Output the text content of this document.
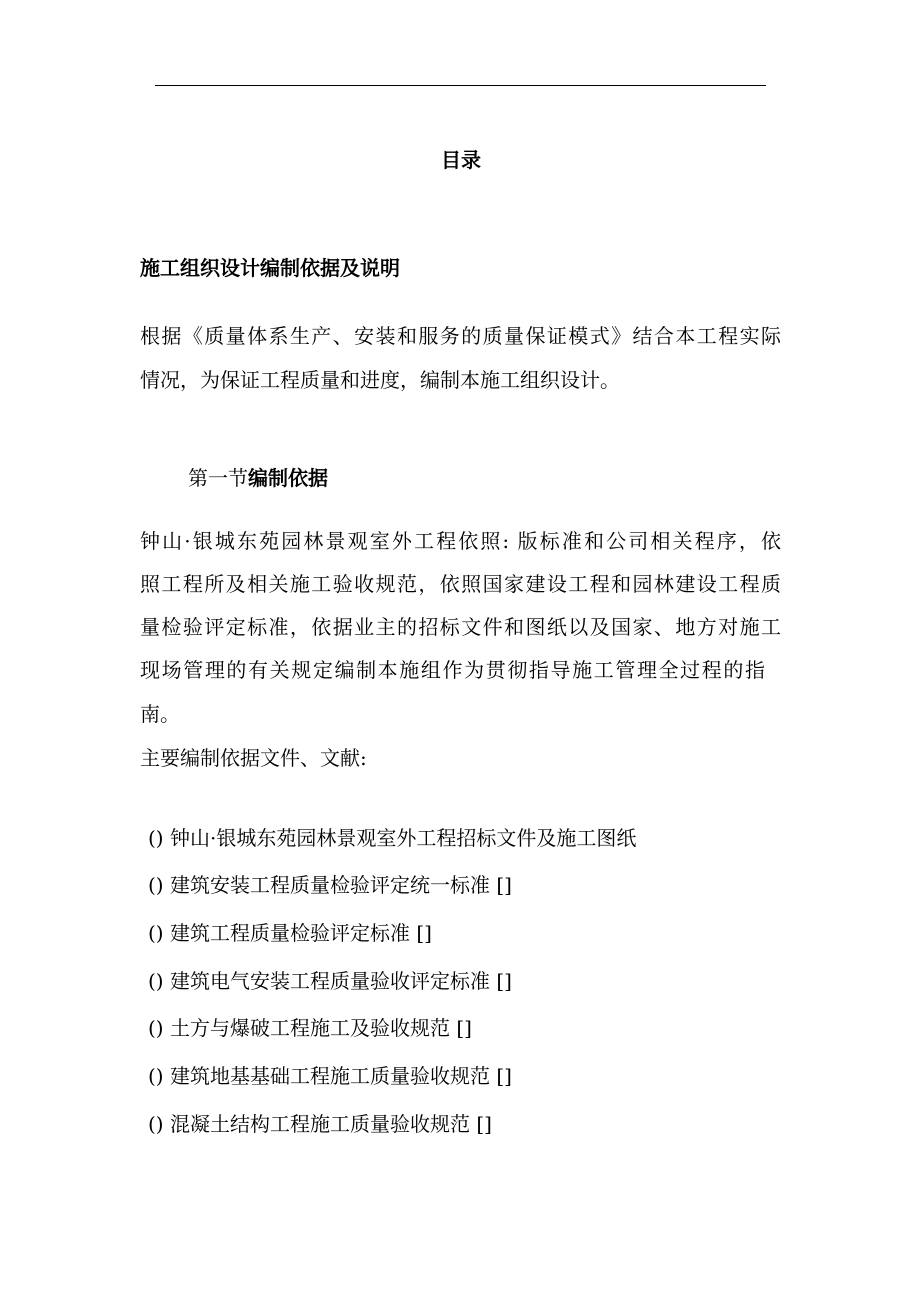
目录
施工组织设计编制依据及说明
根据《质量体系生产、安装和服务的质量保证模式》结合本工程实际
情况，为保证工程质量和进度，编制本施工组织设计。
第一节编制依据
钟山·银城东苑园林景观室外工程依照: 版标准和公司相关程序，依
照工程所及相关施工验收规范，依照国家建设工程和园林建设工程质
量检验评定标准，依据业主的招标文件和图纸以及国家、地方对施工
现场管理的有关规定编制本施组作为贯彻指导施工管理全过程的指
南。
主要编制依据文件、文献:
() 钟山·银城东苑园林景观室外工程招标文件及施工图纸
() 建筑安装工程质量检验评定统一标准 []
() 建筑工程质量检验评定标准 []
() 建筑电气安装工程质量验收评定标准 []
() 土方与爆破工程施工及验收规范 []
() 建筑地基基础工程施工质量验收规范 []
() 混凝土结构工程施工质量验收规范 []
